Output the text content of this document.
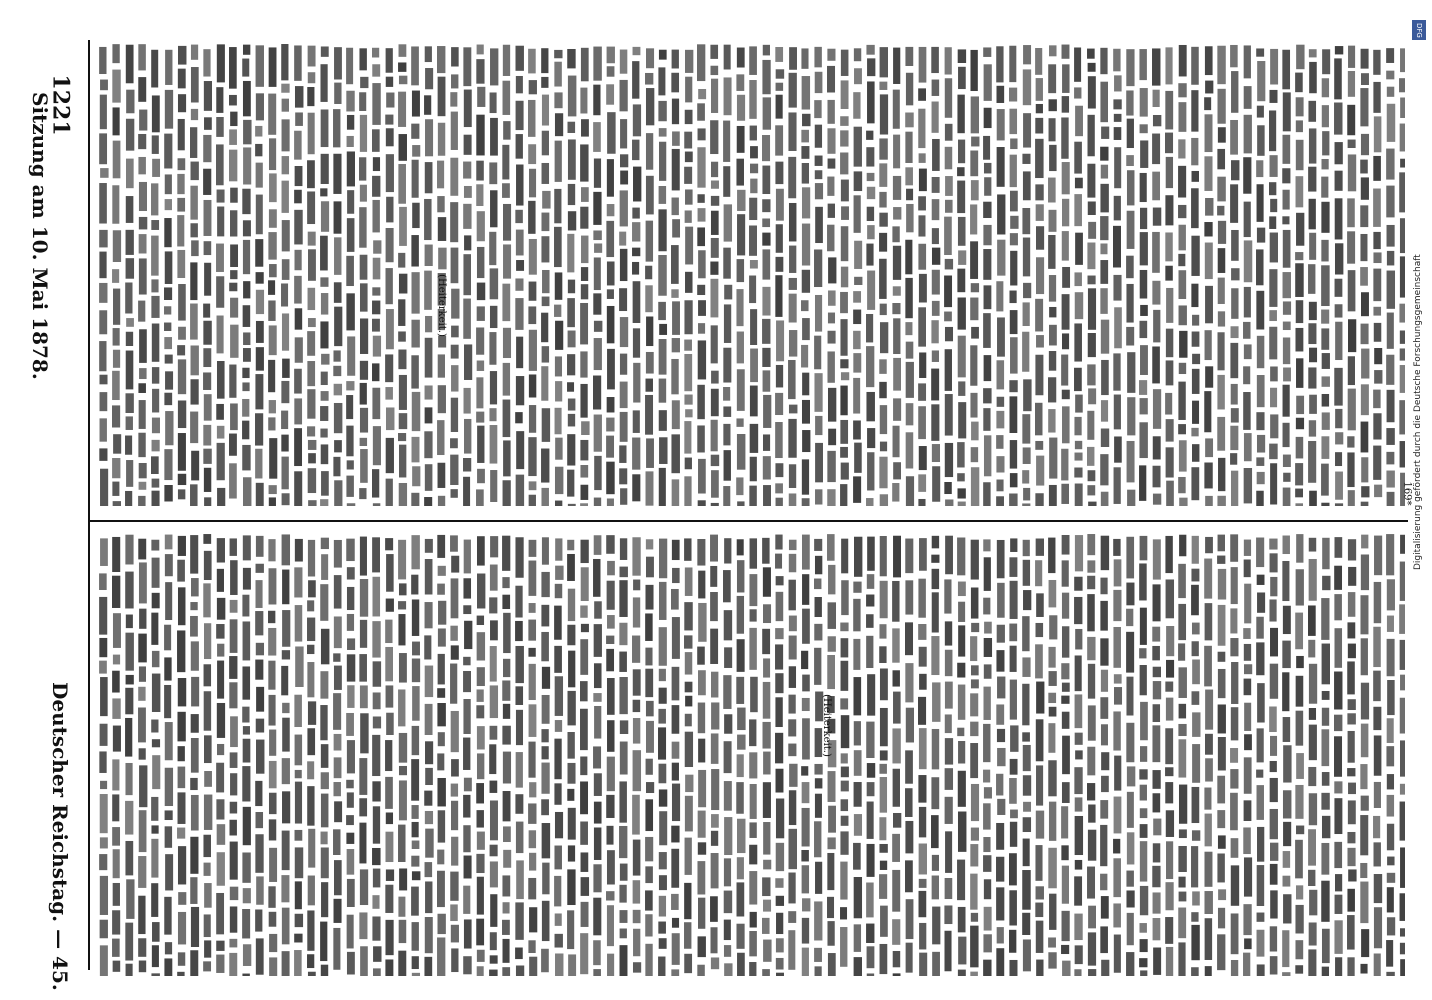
Deutscher Reichstag. — 45.
Sitzung am 10. Mai 1878.
1221
(Heiterkeit.)
(Heiterkeit.)
169*
DFG
Digitalisierung gefördert durch die Deutsche Forschungsgemeinschaft
